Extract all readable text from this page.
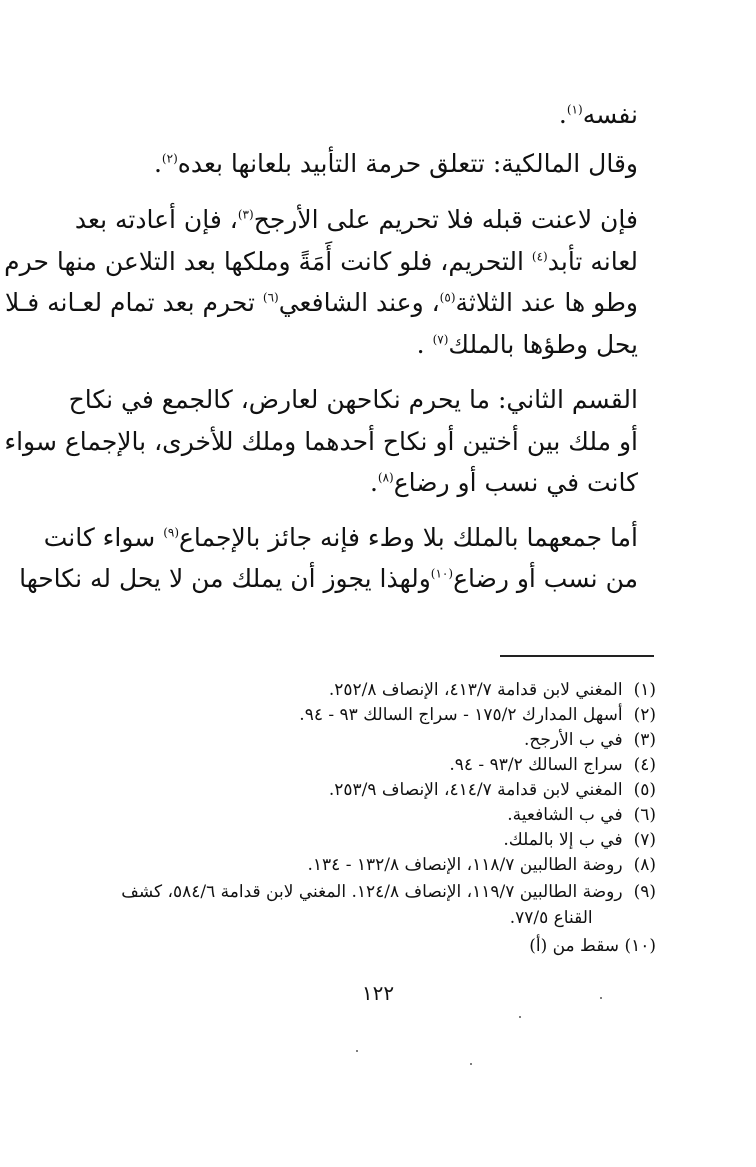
نفسه$^{(١)}$.
وقال المالكية: تتعلق حرمة التأبيد بلعانها بعده$^{(٢)}$.
فإن لاعنت قبله فلا تحريم على الأرجح$^{(٣)}$، فإن أعادته بعد
لعانه تأبد$^{(٤)}$ التحريم، فلو كانت أَمَةً وملكها بعد التلاعن منها حرم
وطو ها عند الثلاثة$^{(٥)}$، وعند الشافعي$^{(٦)}$ تحرم بعد تمام لعـانه فـلا
يحل وطؤها بالملك$^{(٧)}$ .
القسم الثاني: ما يحرم نكاحهن لعارض، كالجمع في نكاح
أو ملك بين أختين أو نكاح أحدهما وملك للأخرى، بالإجماع سواء
كانت في نسب أو رضاع$^{(٨)}$.
أما جمعهما بالملك بلا وطء فإنه جائز بالإجماع$^{(٩)}$ سواء كانت
من نسب أو رضاع$^{(١٠)}$ولهذا يجوز أن يملك من لا يحل له نكاحها
(١) المغني لابن قدامة ٤١٣/٧، الإنصاف ٢٥٢/٨.
(٢) أسهل المدارك ١٧٥/٢ - سراج السالك ٩٣ - ٩٤.
(٣) في ب الأرجح.
(٤) سراج السالك ٩٣/٢ - ٩٤.
(٥) المغني لابن قدامة ٤١٤/٧، الإنصاف ٢٥٣/٩.
(٦) في ب الشافعية.
(٧) في ب إلا بالملك.
(٨) روضة الطالبين ١١٨/٧، الإنصاف ١٣٢/٨ - ١٣٤.
(٩) روضة الطالبين ١١٩/٧، الإنصاف ١٢٤/٨. المغني لابن قدامة ٥٨٤/٦، كشف
القناع ٧٧/٥.
(١٠) سقط من (أ)
١٢٢
